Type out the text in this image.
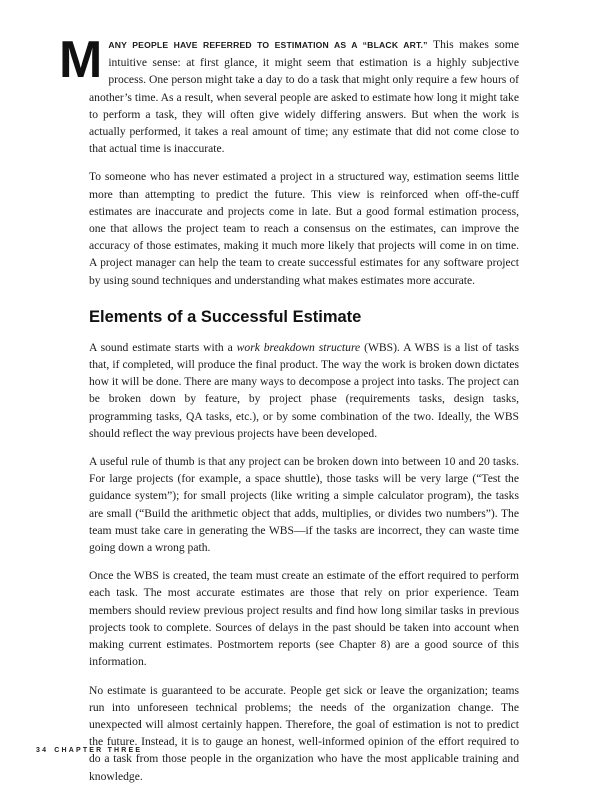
MANY PEOPLE HAVE REFERRED TO ESTIMATION AS A “BLACK ART.” This makes some intuitive sense: at first glance, it might seem that estimation is a highly subjective process. One person might take a day to do a task that might only require a few hours of another’s time. As a result, when several people are asked to estimate how long it might take to perform a task, they will often give widely differing answers. But when the work is actually performed, it takes a real amount of time; any estimate that did not come close to that actual time is inaccurate.

To someone who has never estimated a project in a structured way, estimation seems little more than attempting to predict the future. This view is reinforced when off-the-cuff estimates are inaccurate and projects come in late. But a good formal estimation process, one that allows the project team to reach a consensus on the estimates, can improve the accuracy of those estimates, making it much more likely that projects will come in on time. A project manager can help the team to create successful estimates for any software project by using sound techniques and understanding what makes estimates more accurate.

Elements of a Successful Estimate

A sound estimate starts with a work breakdown structure (WBS). A WBS is a list of tasks that, if completed, will produce the final product. The way the work is broken down dictates how it will be done. There are many ways to decompose a project into tasks. The project can be broken down by feature, by project phase (requirements tasks, design tasks, programming tasks, QA tasks, etc.), or by some combination of the two. Ideally, the WBS should reflect the way previous projects have been developed.

A useful rule of thumb is that any project can be broken down into between 10 and 20 tasks. For large projects (for example, a space shuttle), those tasks will be very large (“Test the guidance system”); for small projects (like writing a simple calculator program), the tasks are small (“Build the arithmetic object that adds, multiplies, or divides two numbers”). The team must take care in generating the WBS—if the tasks are incorrect, they can waste time going down a wrong path.

Once the WBS is created, the team must create an estimate of the effort required to perform each task. The most accurate estimates are those that rely on prior experience. Team members should review previous project results and find how long similar tasks in previous projects took to complete. Sources of delays in the past should be taken into account when making current estimates. Postmortem reports (see Chapter 8) are a good source of this information.

No estimate is guaranteed to be accurate. People get sick or leave the organization; teams run into unforeseen technical problems; the needs of the organization change. The unexpected will almost certainly happen. Therefore, the goal of estimation is not to predict the future. Instead, it is to gauge an honest, well-informed opinion of the effort required to do a task from those people in the organization who have the most applicable training and knowledge.

34 CHAPTER THREE
